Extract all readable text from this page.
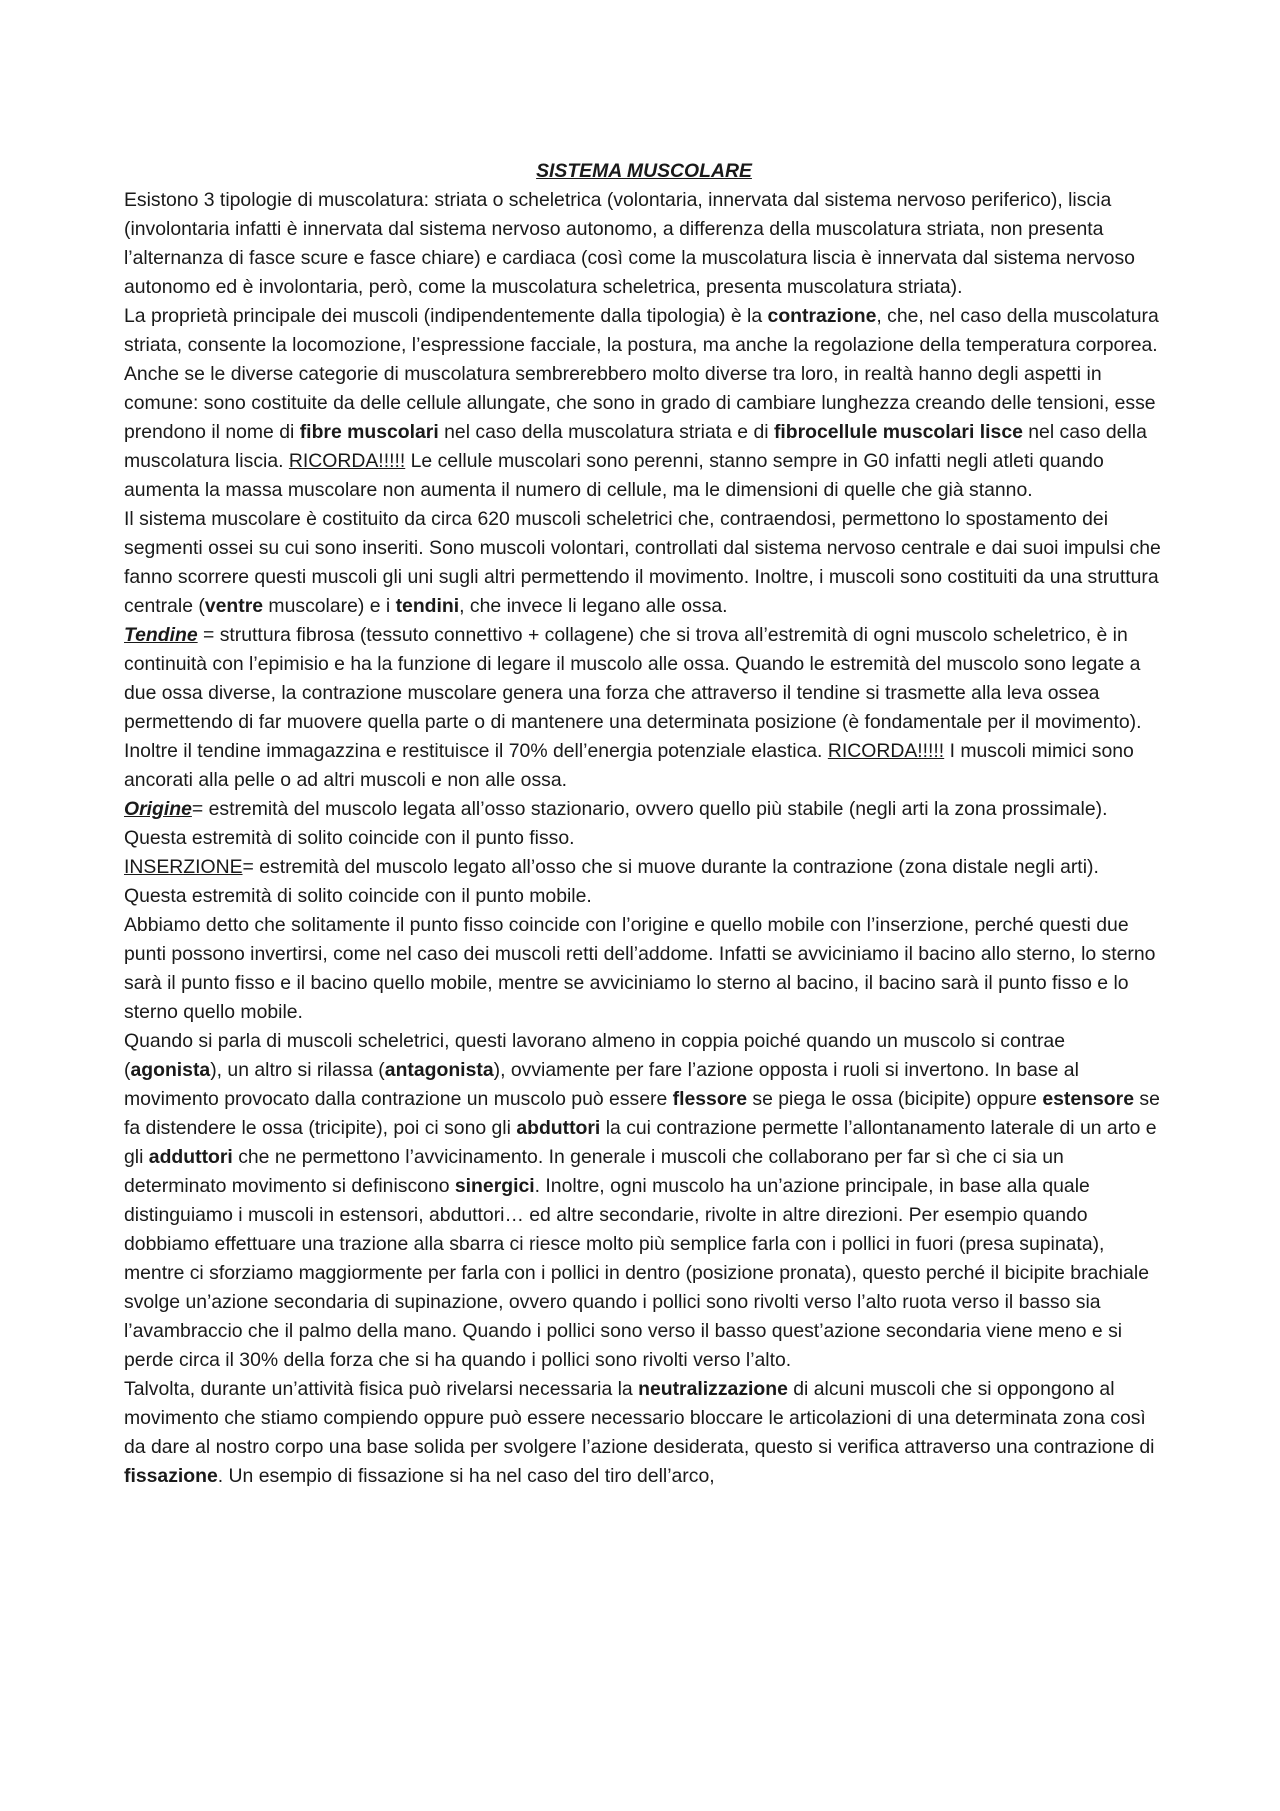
SISTEMA MUSCOLARE

Esistono 3 tipologie di muscolatura: striata o scheletrica (volontaria, innervata dal sistema nervoso periferico), liscia (involontaria infatti è innervata dal sistema nervoso autonomo, a differenza della muscolatura striata, non presenta l’alternanza di fasce scure e fasce chiare) e cardiaca (così come la muscolatura liscia è innervata dal sistema nervoso autonomo ed è involontaria, però, come la muscolatura scheletrica, presenta muscolatura striata).

La proprietà principale dei muscoli (indipendentemente dalla tipologia) è la contrazione, che, nel caso della muscolatura striata, consente la locomozione, l’espressione facciale, la postura, ma anche la regolazione della temperatura corporea. Anche se le diverse categorie di muscolatura sembrerebbero molto diverse tra loro, in realtà hanno degli aspetti in comune: sono costituite da delle cellule allungate, che sono in grado di cambiare lunghezza creando delle tensioni, esse prendono il nome di fibre muscolari nel caso della muscolatura striata e di fibrocellule muscolari lisce nel caso della muscolatura liscia. RICORDA!!!!! Le cellule muscolari sono perenni, stanno sempre in G0 infatti negli atleti quando aumenta la massa muscolare non aumenta il numero di cellule, ma le dimensioni di quelle che già stanno.

Il sistema muscolare è costituito da circa 620 muscoli scheletrici che, contraendosi, permettono lo spostamento dei segmenti ossei su cui sono inseriti. Sono muscoli volontari, controllati dal sistema nervoso centrale e dai suoi impulsi che fanno scorrere questi muscoli gli uni sugli altri permettendo il movimento. Inoltre, i muscoli sono costituiti da una struttura centrale (ventre muscolare) e i tendini, che invece li legano alle ossa.

Tendine = struttura fibrosa (tessuto connettivo + collagene) che si trova all’estremità di ogni muscolo scheletrico, è in continuità con l’epimisio e ha la funzione di legare il muscolo alle ossa. Quando le estremità del muscolo sono legate a due ossa diverse, la contrazione muscolare genera una forza che attraverso il tendine si trasmette alla leva ossea permettendo di far muovere quella parte o di mantenere una determinata posizione (è fondamentale per il movimento). Inoltre il tendine immagazzina e restituisce il 70% dell’energia potenziale elastica. RICORDA!!!!! I muscoli mimici sono ancorati alla pelle o ad altri muscoli e non alle ossa.

Origine= estremità del muscolo legata all’osso stazionario, ovvero quello più stabile (negli arti la zona prossimale). Questa estremità di solito coincide con il punto fisso.

INSERZIONE= estremità del muscolo legato all’osso che si muove durante la contrazione (zona distale negli arti). Questa estremità di solito coincide con il punto mobile.

Abbiamo detto che solitamente il punto fisso coincide con l’origine e quello mobile con l’inserzione, perché questi due punti possono invertirsi, come nel caso dei muscoli retti dell’addome. Infatti se avviciniamo il bacino allo sterno, lo sterno sarà il punto fisso e il bacino quello mobile, mentre se avviciniamo lo sterno al bacino, il bacino sarà il punto fisso e lo sterno quello mobile.

Quando si parla di muscoli scheletrici, questi lavorano almeno in coppia poiché quando un muscolo si contrae (agonista), un altro si rilassa (antagonista), ovviamente per fare l’azione opposta i ruoli si invertono. In base al movimento provocato dalla contrazione un muscolo può essere flessore se piega le ossa (bicipite) oppure estensore se fa distendere le ossa (tricipite), poi ci sono gli abduttori la cui contrazione permette l’allontanamento laterale di un arto e gli adduttori che ne permettono l’avvicinamento. In generale i muscoli che collaborano per far sì che ci sia un determinato movimento si definiscono sinergici. Inoltre, ogni muscolo ha un’azione principale, in base alla quale distinguiamo i muscoli in estensori, abduttori… ed altre secondarie, rivolte in altre direzioni. Per esempio quando dobbiamo effettuare una trazione alla sbarra ci riesce molto più semplice farla con i pollici in fuori (presa supinata), mentre ci sforziamo maggiormente per farla con i pollici in dentro (posizione pronata), questo perché il bicipite brachiale svolge un’azione secondaria di supinazione, ovvero quando i pollici sono rivolti verso l’alto ruota verso il basso sia l’avambraccio che il palmo della mano. Quando i pollici sono verso il basso quest’azione secondaria viene meno e si perde circa il 30% della forza che si ha quando i pollici sono rivolti verso l’alto.

Talvolta, durante un’attività fisica può rivelarsi necessaria la neutralizzazione di alcuni muscoli che si oppongono al movimento che stiamo compiendo oppure può essere necessario bloccare le articolazioni di una determinata zona così da dare al nostro corpo una base solida per svolgere l’azione desiderata, questo si verifica attraverso una contrazione di fissazione. Un esempio di fissazione si ha nel caso del tiro dell’arco,
